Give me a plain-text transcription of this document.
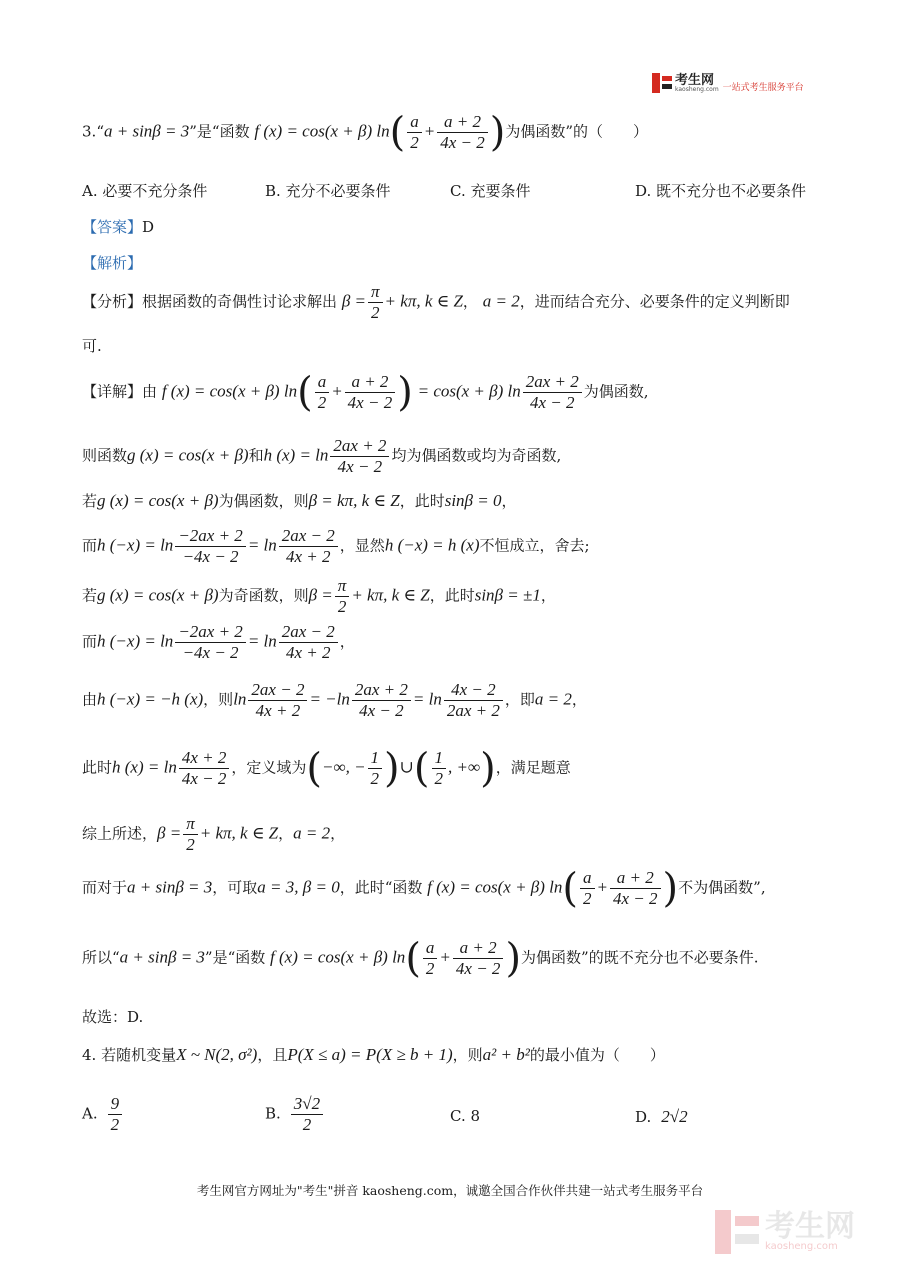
考生网
kaosheng.com 一站式考生服务平台
3.“a + sinβ = 3”是“函数 f (x) = cos(x + β) $\ln( \frac{a}{2} + \frac{a + 2}{4x - 2}$ )为偶函数”的（　　）
A. 必要不充分条件	B. 充分不必要条件	C. 充要条件	D. 既不充分也不必要条件
【答案】D
【解析】
【分析】根据函数的奇偶性讨论求解出 $\beta = \frac{\pi}{2} + k\pi$, k ∈ Z， a = 2，进而结合充分、必要条件的定义判断即
可.
【详解】由 f (x) = cos(x + β) $\ln( \frac{a}{2} + \frac{a + 2}{4x - 2}$ ) = cos(x + β) $\ln \frac{2ax + 2}{4x - 2}$ 为偶函数,
则函数g (x) = cos(x + β)和h $(x) = \ln \frac{2ax + 2}{4x - 2}$ 均为偶函数或均为奇函数,
若g (x) = cos(x + β)为偶函数，则β = kπ, k ∈ Z，此时sinβ = 0，
而h $(-x) = \ln \frac{-2ax + 2}{-4x - 2} = \ln \frac{2ax - 2}{4x + 2}$ ，显然h (−x) = h (x)不恒成立，舍去;
若g (x) = cos(x + β)为奇函数，则$\beta = \frac{\pi}{2} + k\pi$, k ∈ Z，此时sinβ = ±1，
而h $(-x) = \ln \frac{-2ax + 2}{-4x - 2} = \ln \frac{2ax - 2}{4x + 2}$ ，
由h (−x) = −h (x)，则$\ln \frac{2ax - 2}{4x + 2} = -\ln \frac{2ax + 2}{4x - 2} = \ln \frac{4x - 2}{2ax + 2}$ ，即a = 2，
此时h $(x) = \ln \frac{4x + 2}{4x - 2}$ ，定义域为(−∞, − $\frac{1}{2}$ )∪( $\frac{1}{2}$ , +∞)，满足题意
综上所述，$\beta = \frac{\pi}{2} + k\pi$, k ∈ Z，a = 2，
而对于a + sinβ = 3，可取a = 3, β = 0，此时“函数 f (x) = cos(x + β) $\ln( \frac{a}{2} + \frac{a + 2}{4x - 2}$ )不为偶函数”,
所以“a + sinβ = 3”是“函数 f (x) = cos(x + β) $\ln( \frac{a}{2} + \frac{a + 2}{4x - 2}$ )为偶函数”的既不充分也不必要条件.
故选：D.
4. 若随机变量X ~ N(2, σ²)，且P(X ≤ a) = P(X ≥ b + 1)，则a² + b²的最小值为（　　）
A. $\frac{9}{2}$	B. $\frac{3√2}{2}$	C. 8	D. 2√2
考生网官方网址为"考生"拼音 kaosheng.com，诚邀全国合作伙伴共建一站式考生服务平台
考生网
kaosheng.com
